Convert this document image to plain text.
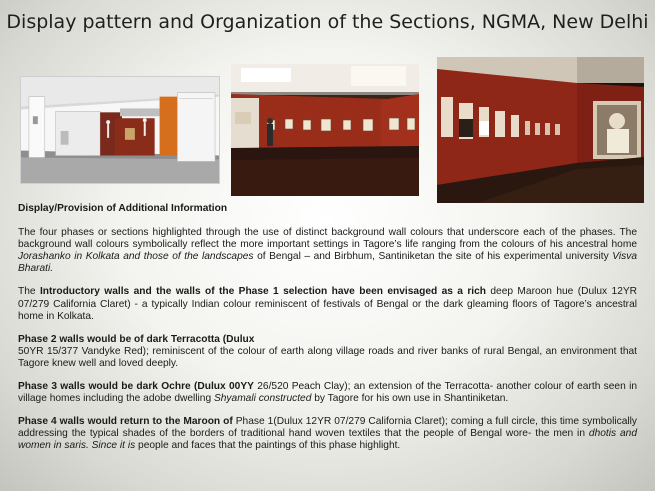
Display pattern and Organization of the Sections, NGMA, New Delhi

Display/Provision of Additional Information

The four phases or sections highlighted through the use of distinct background wall colours that underscore each of the phases. The background wall colours symbolically reflect the more important settings in Tagore’s life ranging from the colours of his ancestral home Jorashanko in Kolkata and those of the landscapes of Bengal – and Birbhum, Santiniketan the site of his experimental university Visva Bharati.

The Introductory walls and the walls of the Phase 1 selection have been envisaged as a rich deep Maroon hue (Dulux 12YR 07/279 California Claret) - a typically Indian colour reminiscent of festivals of Bengal or the dark gleaming floors of Tagore’s ancestral home in Kolkata.

Phase 2 walls would be of dark Terracotta (Dulux
50YR 15/377 Vandyke Red); reminiscent of the colour of earth along village roads and river banks of rural Bengal, an environment that Tagore knew well and loved deeply.

Phase 3 walls would be dark Ochre (Dulux 00YY 26/520 Peach Clay); an extension of the Terracotta- another colour of earth seen in village homes including the adobe dwelling Shyamali constructed by Tagore for his own use in Shantiniketan.

Phase 4 walls would return to the Maroon of Phase 1(Dulux 12YR 07/279 California Claret); coming a full circle, this time symbolically addressing the typical shades of the borders of traditional hand woven textiles that the people of Bengal wore- the men in dhotis and women in saris. Since it is people and faces that the paintings of this phase highlight.
